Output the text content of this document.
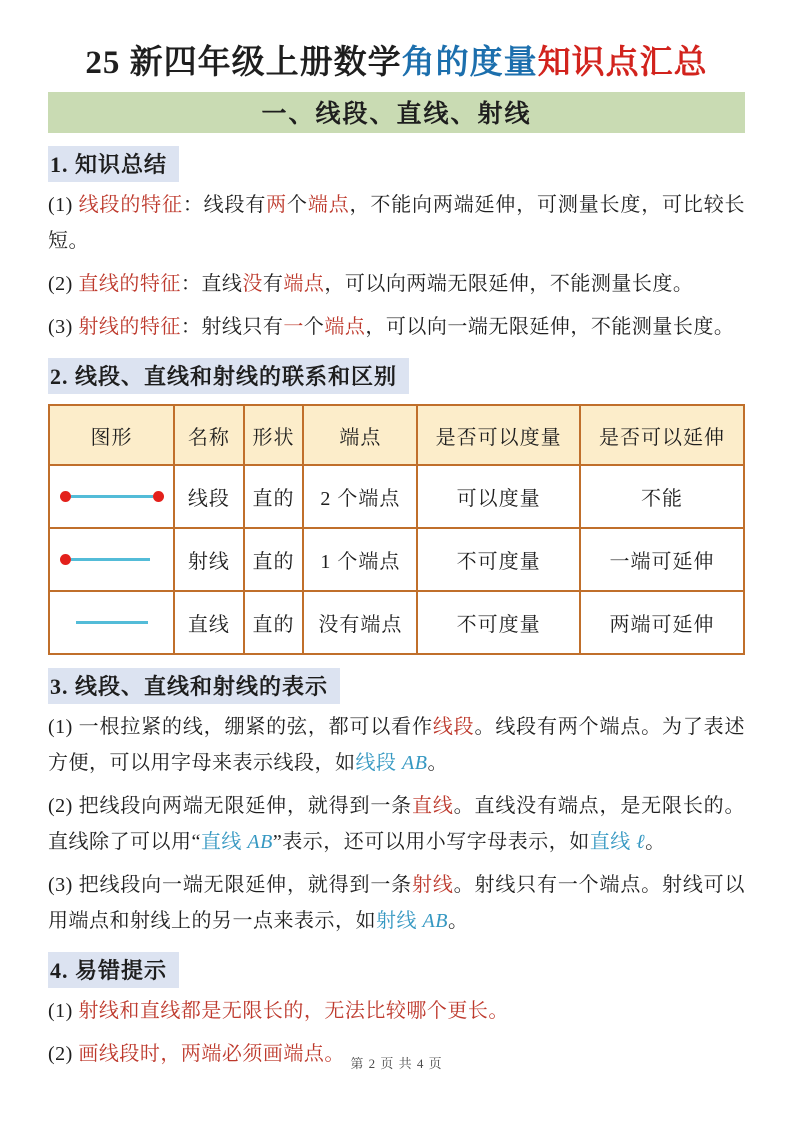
25 新四年级上册数学角的度量知识点汇总
一、线段、直线、射线
1. 知识总结

(1) 线段的特征：线段有两个端点，不能向两端延伸，可测量长度，可比较长短。

(2) 直线的特征：直线没有端点，可以向两端无限延伸，不能测量长度。

(3) 射线的特征：射线只有一个端点，可以向一端无限延伸，不能测量长度。

2. 线段、直线和射线的联系和区别
图形	名称	形状	端点	是否可以度量	是否可以延伸

	线段	直的	2 个端点	可以度量	不能

	射线	直的	1 个端点	不可度量	一端可延伸

	直线	直的	没有端点	不可度量	两端可延伸
3. 线段、直线和射线的表示

(1) 一根拉紧的线，绷紧的弦，都可以看作线段。线段有两个端点。为了表述方便，可以用字母来表示线段，如线段 AB。

(2) 把线段向两端无限延伸，就得到一条直线。直线没有端点，是无限长的。直线除了可以用“直线 AB”表示，还可以用小写字母表示，如直线 ℓ。

(3) 把线段向一端无限延伸，就得到一条射线。射线只有一个端点。射线可以用端点和射线上的另一点来表示，如射线 AB。

4. 易错提示

(1) 射线和直线都是无限长的，无法比较哪个更长。

(2) 画线段时，两端必须画端点。 第 2 页 共 4 页
